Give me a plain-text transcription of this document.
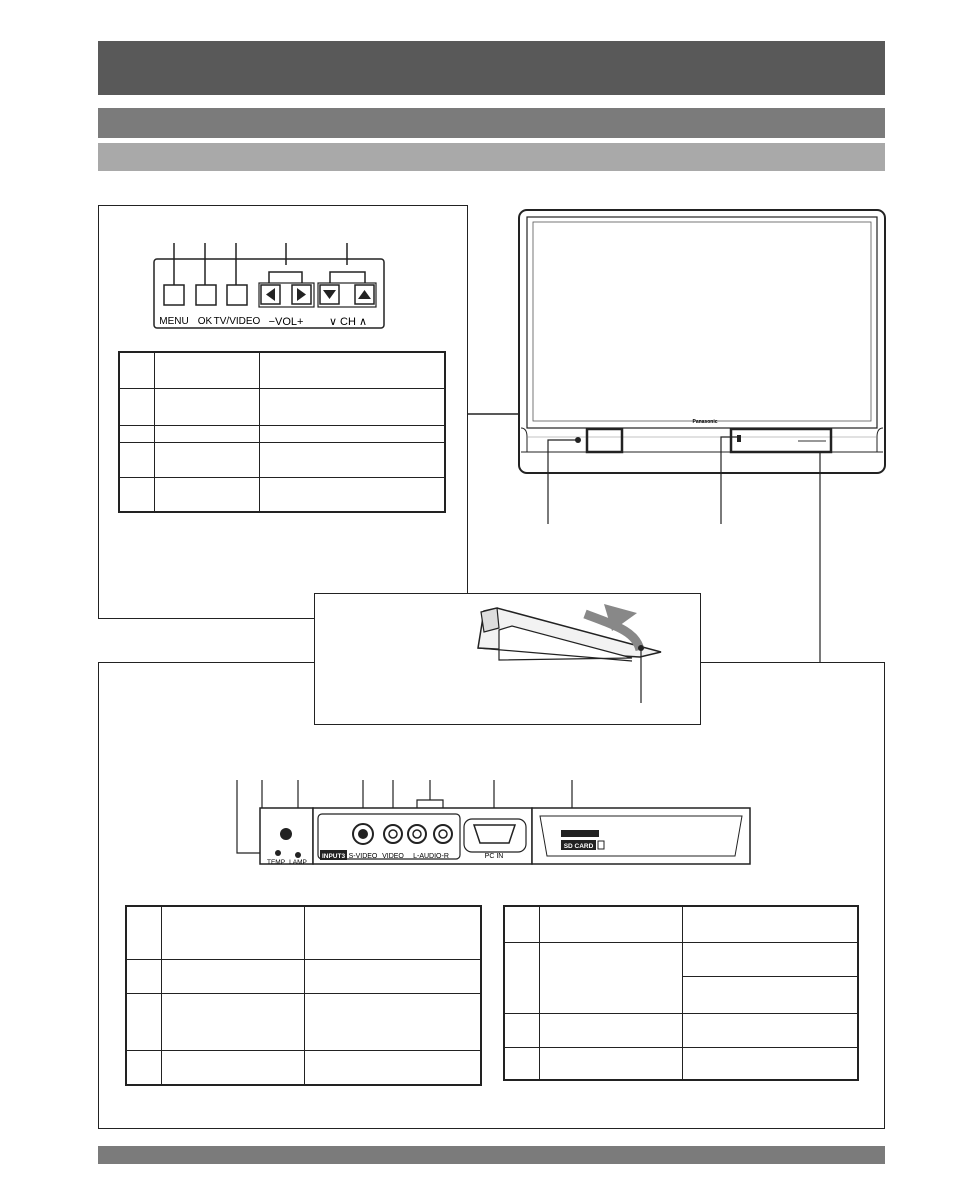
MENU OK TV/VIDEO −VOL+ ∨ CH ∧

Panasonic
TEMP LAMP
INPUT3 S-VIDEO VIDEO L-AUDIO-R	PC IN
SD CARD
